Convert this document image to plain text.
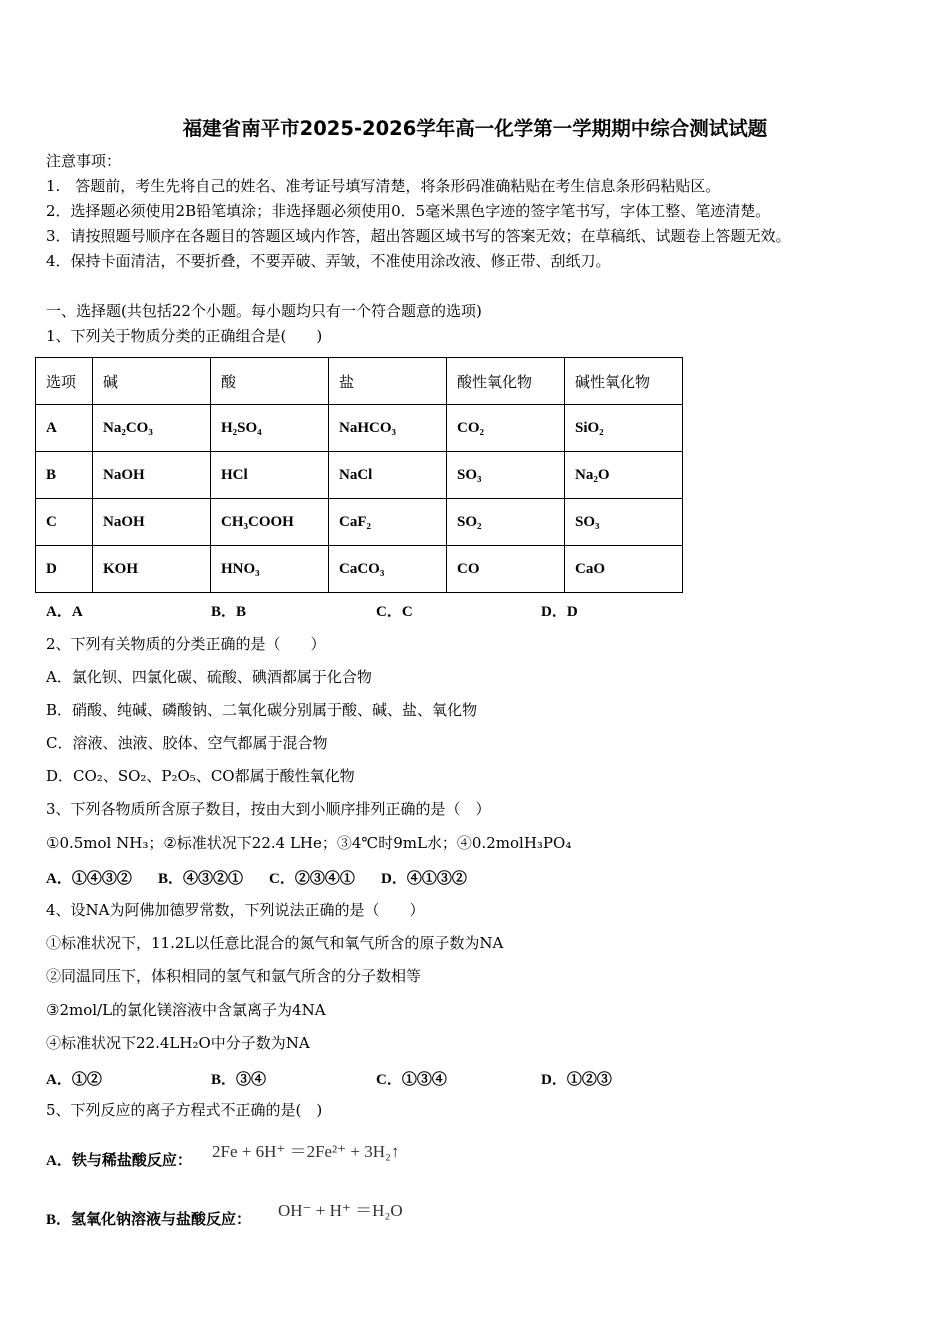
福建省南平市2025-2026学年高一化学第一学期期中综合测试试题
注意事项：
1.　答题前，考生先将自己的姓名、准考证号填写清楚，将条形码准确粘贴在考生信息条形码粘贴区。
2．选择题必须使用2B铅笔填涂；非选择题必须使用0．5毫米黑色字迹的签字笔书写，字体工整、笔迹清楚。
3．请按照题号顺序在各题目的答题区域内作答，超出答题区域书写的答案无效；在草稿纸、试题卷上答题无效。
4．保持卡面清洁，不要折叠，不要弄破、弄皱，不准使用涂改液、修正带、刮纸刀。
一、选择题(共包括22个小题。每小题均只有一个符合题意的选项)
1、下列关于物质分类的正确组合是(　　)
选项	碱	酸	盐	酸性氧化物	碱性氧化物
A	Na₂CO₃	H₂SO₄	NaHCO₃	CO₂	SiO₂
B	NaOH	HCl	NaCl	SO₃	Na₂O
C	NaOH	CH₃COOH	CaF₂	SO₂	SO₃
D	KOH	HNO₃	CaCO₃	CO	CaO
A．A	B．B	C．C	D．D
2、下列有关物质的分类正确的是（　　）
A．氯化钡、四氯化碳、硫酸、碘酒都属于化合物
B．硝酸、纯碱、磷酸钠、二氧化碳分别属于酸、碱、盐、氧化物
C．溶液、浊液、胶体、空气都属于混合物
D．CO₂、SO₂、P₂O₅、CO都属于酸性氧化物
3、下列各物质所含原子数目，按由大到小顺序排列正确的是（　）
①0.5mol NH₃；②标准状况下22.4 LHe；③4℃时9mL水；④0.2molH₃PO₄
A．①④③② B．④③②① C．②③④① D．④①③②
4、设NA为阿佛加德罗常数，下列说法正确的是（　　）
①标准状况下，11.2L以任意比混合的氮气和氧气所含的原子数为NA
②同温同压下，体积相同的氢气和氩气所含的分子数相等
③2mol/L的氯化镁溶液中含氯离子为4NA
④标准状况下22.4LH₂O中分子数为NA
A．①②	B．③④	C．①③④	D．①②③
5、下列反应的离子方程式不正确的是(　)
A．铁与稀盐酸反应： 2Fe + 6H⁺ ＝2Fe²⁺ + 3H₂↑
B．氢氧化钠溶液与盐酸反应： OH⁻ + H⁺ ＝H₂O
